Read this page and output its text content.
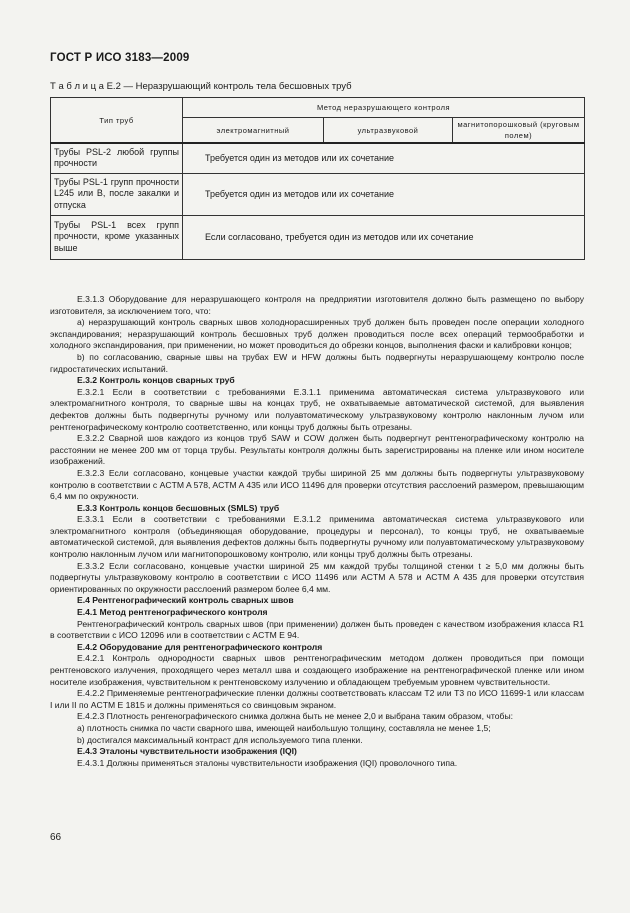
ГОСТ Р ИСО 3183—2009
Т а б л и ц а Е.2 — Неразрушающий контроль тела бесшовных труб
Тип труб	Метод неразрушающего контроля		
	электромагнитный	ультразвуковой	магнитопорошковый (круговым полем)
Трубы PSL-2 любой группы прочности	Требуется один из методов или их сочетание		
Трубы PSL-1 групп прочности L245 или В, после закалки и отпуска	Требуется один из методов или их сочетание		
Трубы PSL-1 всех групп прочности, кроме указанных выше	Если согласовано, требуется один из методов или их сочетание		

Е.3.1.3 Оборудование для неразрушающего контроля на предприятии изготовителя должно быть размещено по выбору изготовителя, за исключением того, что:

а) неразрушающий контроль сварных швов холоднорасширенных труб должен быть проведен после операции холодного экспандирования; неразрушающий контроль бесшовных труб должен проводиться после всех операций термообработки и холодного экспандирования, при применении, но может проводиться до обрезки концов, выполнения фаски и калибровки концов;

b) по согласованию, сварные швы на трубах EW и HFW должны быть подвергнуты неразрушающему контролю после гидростатических испытаний.

Е.3.2 Контроль концов сварных труб

Е.3.2.1 Если в соответствии с требованиями Е.3.1.1 применима автоматическая система ультразвукового или электромагнитного контроля, то сварные швы на концах труб, не охватываемые автоматической системой, для выявления дефектов должны быть подвергнуты ручному или полуавтоматическому ультразвуковому контролю наклонным лучом или рентгенографическому контролю соответственно, или концы труб должны быть отрезаны.

Е.3.2.2 Сварной шов каждого из концов труб SAW и COW должен быть подвергнут рентгенографическому контролю на расстоянии не менее 200 мм от торца трубы. Результаты контроля должны быть зарегистрированы на пленке или ином носителе изображений.

Е.3.2.3 Если согласовано, концевые участки каждой трубы шириной 25 мм должны быть подвергнуты ультразвуковому контролю в соответствии с ACTM A 578, ACTM A 435 или ИСО 11496 для проверки отсутствия расслоений размером, превышающим 6,4 мм по окружности.

Е.3.3 Контроль концов бесшовных (SMLS) труб

Е.3.3.1 Если в соответствии с требованиями Е.3.1.2 применима автоматическая система ультразвукового или электромагнитного контроля (объединяющая оборудование, процедуры и персонал), то концы труб, не охватываемые автоматической системой, для выявления дефектов должны быть подвергнуты ручному или полуавтоматическому ультразвуковому контролю наклонным лучом или магнитопорошковому контролю, или концы труб должны быть отрезаны.

Е.3.3.2 Если согласовано, концевые участки шириной 25 мм каждой трубы толщиной стенки t ≥ 5,0 мм должны быть подвергнуты ультразвуковому контролю в соответствии с ИСО 11496 или ACTM A 578 и ACTM A 435 для проверки отсутствия ориентированных по окружности расслоений размером более 6,4 мм.

Е.4 Рентгенографический контроль сварных швов

Е.4.1 Метод рентгенографического контроля

Рентгенографический контроль сварных швов (при применении) должен быть проведен с качеством изображения класса R1 в соответствии с ИСО 12096 или в соответствии с ACTM E 94.

Е.4.2 Оборудование для рентгенографического контроля

Е.4.2.1 Контроль однородности сварных швов рентгенографическим методом должен проводиться при помощи рентгеновского излучения, проходящего через металл шва и создающего изображение на рентгенографической пленке или ином носителе изображения, чувствительном к рентгеновскому излучению и обладающем требуемым уровнем чувствительности.

Е.4.2.2 Применяемые рентгенографические пленки должны соответствовать классам Т2 или Т3 по ИСО 11699-1 или классам I или II по ACTM E 1815 и должны применяться со свинцовым экраном.

Е.4.2.3 Плотность ренгенографического снимка должна быть не менее 2,0 и выбрана таким образом, чтобы:

а) плотность снимка по части сварного шва, имеющей наибольшую толщину, составляла не менее 1,5;

b) достигался максимальный контраст для используемого типа пленки.

Е.4.3 Эталоны чувствительности изображения (IQI)

Е.4.3.1 Должны применяться эталоны чувствительности изображения (IQI) проволочного типа.

66
